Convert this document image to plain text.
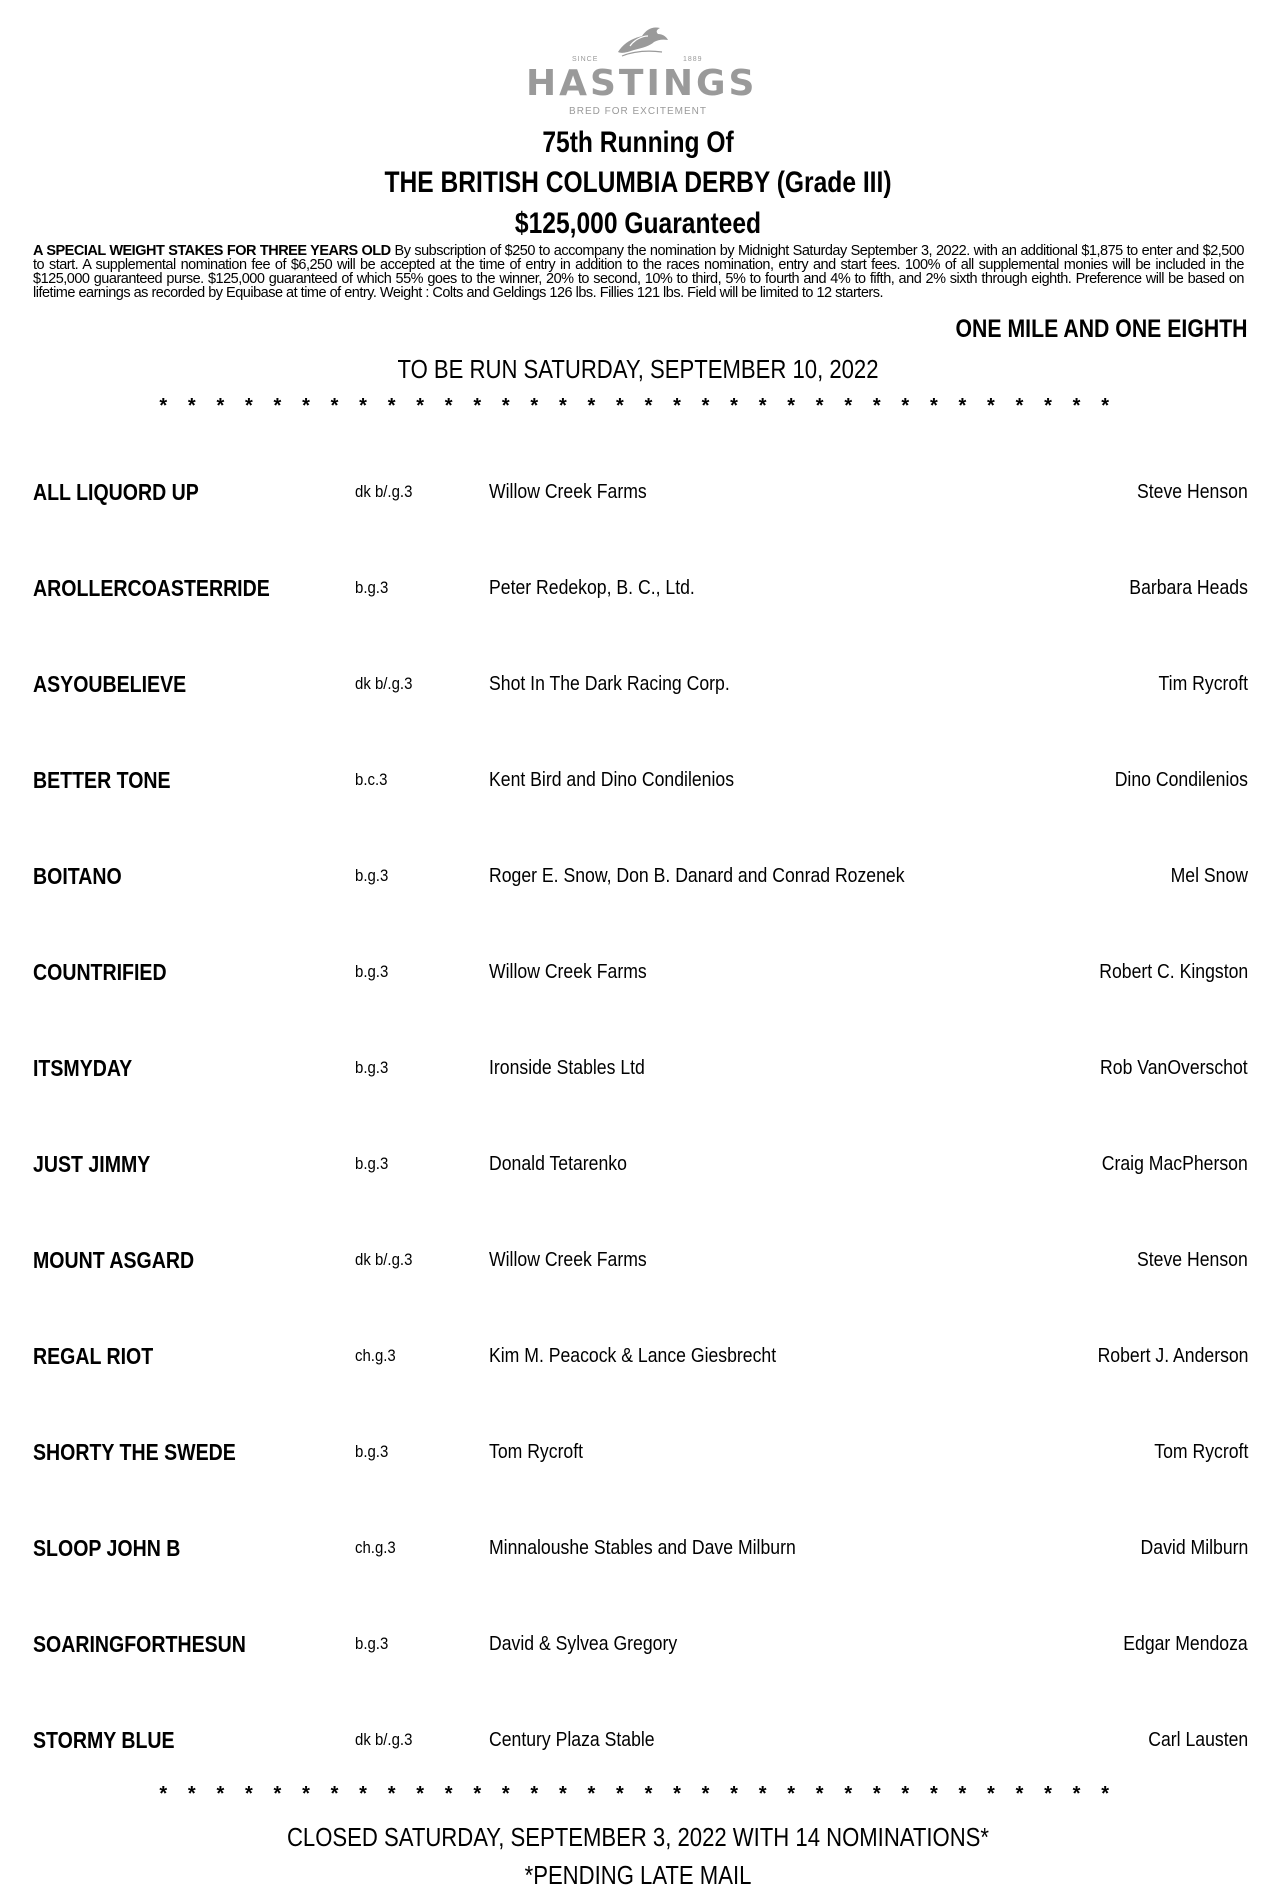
SINCE	1889
HASTINGS
BRED FOR EXCITEMENT
75th Running Of
THE BRITISH COLUMBIA DERBY (Grade III)
$125,000 Guaranteed
A SPECIAL WEIGHT STAKES FOR THREE YEARS OLD By subscription of $250 to accompany the nomination by Midnight Saturday September 3, 2022. with an additional $1,875 to enter and $2,500 to start. A supplemental nomination fee of $6,250 will be accepted at the time of entry in addition to the races nomination, entry and start fees. 100% of all supplemental monies will be included in the $125,000 guaranteed purse. $125,000 guaranteed of which 55% goes to the winner, 20% to second, 10% to third, 5% to fourth and 4% to fifth, and 2% sixth through eighth. Preference will be based on lifetime earnings as recorded by Equibase at time of entry. Weight : Colts and Geldings 126 lbs. Fillies 121 lbs. Field will be limited to 12 starters.
ONE MILE AND ONE EIGHTH
TO BE RUN SATURDAY, SEPTEMBER 10, 2022
* * * * * * * * * * * * * * * * * * * * * * * * * * * * * * * * * *
ALL LIQUORD UP	dk b/.g.3	Willow Creek Farms	Steve Henson
AROLLERCOASTERRIDE	b.g.3	Peter Redekop, B. C., Ltd.	Barbara Heads
ASYOUBELIEVE	dk b/.g.3	Shot In The Dark Racing Corp.	Tim Rycroft
BETTER TONE	b.c.3	Kent Bird and Dino Condilenios	Dino Condilenios
BOITANO	b.g.3	Roger E. Snow, Don B. Danard and Conrad Rozenek	Mel Snow
COUNTRIFIED	b.g.3	Willow Creek Farms	Robert C. Kingston
ITSMYDAY	b.g.3	Ironside Stables Ltd	Rob VanOverschot
JUST JIMMY	b.g.3	Donald Tetarenko	Craig MacPherson
MOUNT ASGARD	dk b/.g.3	Willow Creek Farms	Steve Henson
REGAL RIOT	ch.g.3	Kim M. Peacock & Lance Giesbrecht	Robert J. Anderson
SHORTY THE SWEDE	b.g.3	Tom Rycroft	Tom Rycroft
SLOOP JOHN B	ch.g.3	Minnaloushe Stables and Dave Milburn	David Milburn
SOARINGFORTHESUN	b.g.3	David & Sylvea Gregory	Edgar Mendoza
STORMY BLUE	dk b/.g.3	Century Plaza Stable	Carl Lausten
* * * * * * * * * * * * * * * * * * * * * * * * * * * * * * * * * *
CLOSED SATURDAY, SEPTEMBER 3, 2022 WITH 14 NOMINATIONS*
*PENDING LATE MAIL
